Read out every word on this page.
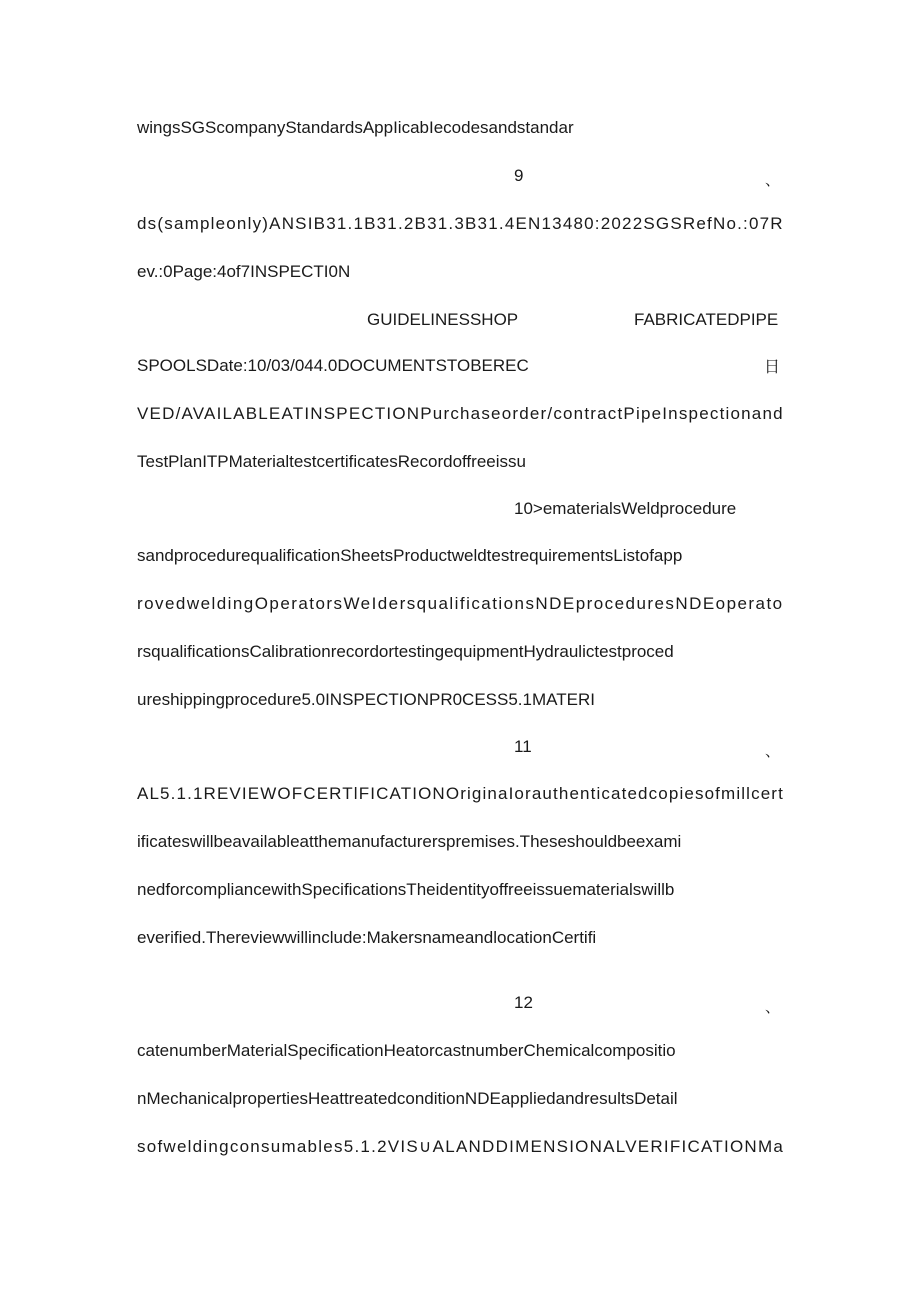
wingsSGScompanyStandardsAppIicabIecodesandstandar
9	、
ds(sampleonly)ANSIB31.1B31.2B31.3B31.4EN13480:2022SGSRefNo.:07R
ev.:0Page:4of7INSPECTI0N
GUIDELINESSHOP	FABRICATEDPIPE
SPOOLSDate:10/03/044.0DOCUMENTSTOBEREC	日
VED/AVAILABLEATINSPECTIONPurchaseorder/contractPipeInspectionand
TestPlanITPMaterialtestcertificatesRecordoffreeissu
10>ematerialsWeldprocedure
sandprocedurequalificationSheetsProductweldtestrequirementsListofapp
rovedweldingOperatorsWeIdersqualificationsNDEproceduresNDEoperato
rsqualificationsCalibrationrecordortestingequipmentHydraulictestproced
ureshippingprocedure5.0INSPECTIONPR0CESS5.1MATERI
11	、
AL5.1.1REVIEWOFCERTlFICATIONOriginaIorauthenticatedcopiesofmillcert
ificateswillbeavailableatthemanufacturerspremises.Theseshouldbeexami
nedforcompliancewithSpecificationsTheidentityoffreeissuematerialswillb
everified.Thereviewwillinclude:MakersnameandlocationCertifi
12	、
catenumberMaterialSpecificationHeatorcastnumberChemicalcompositio
nMechanicalpropertiesHeattreatedconditionNDEappliedandresultsDetail
sofweldingconsumables5.1.2VIS∪ALANDDIMENSIONALVERIFICATIONMa
